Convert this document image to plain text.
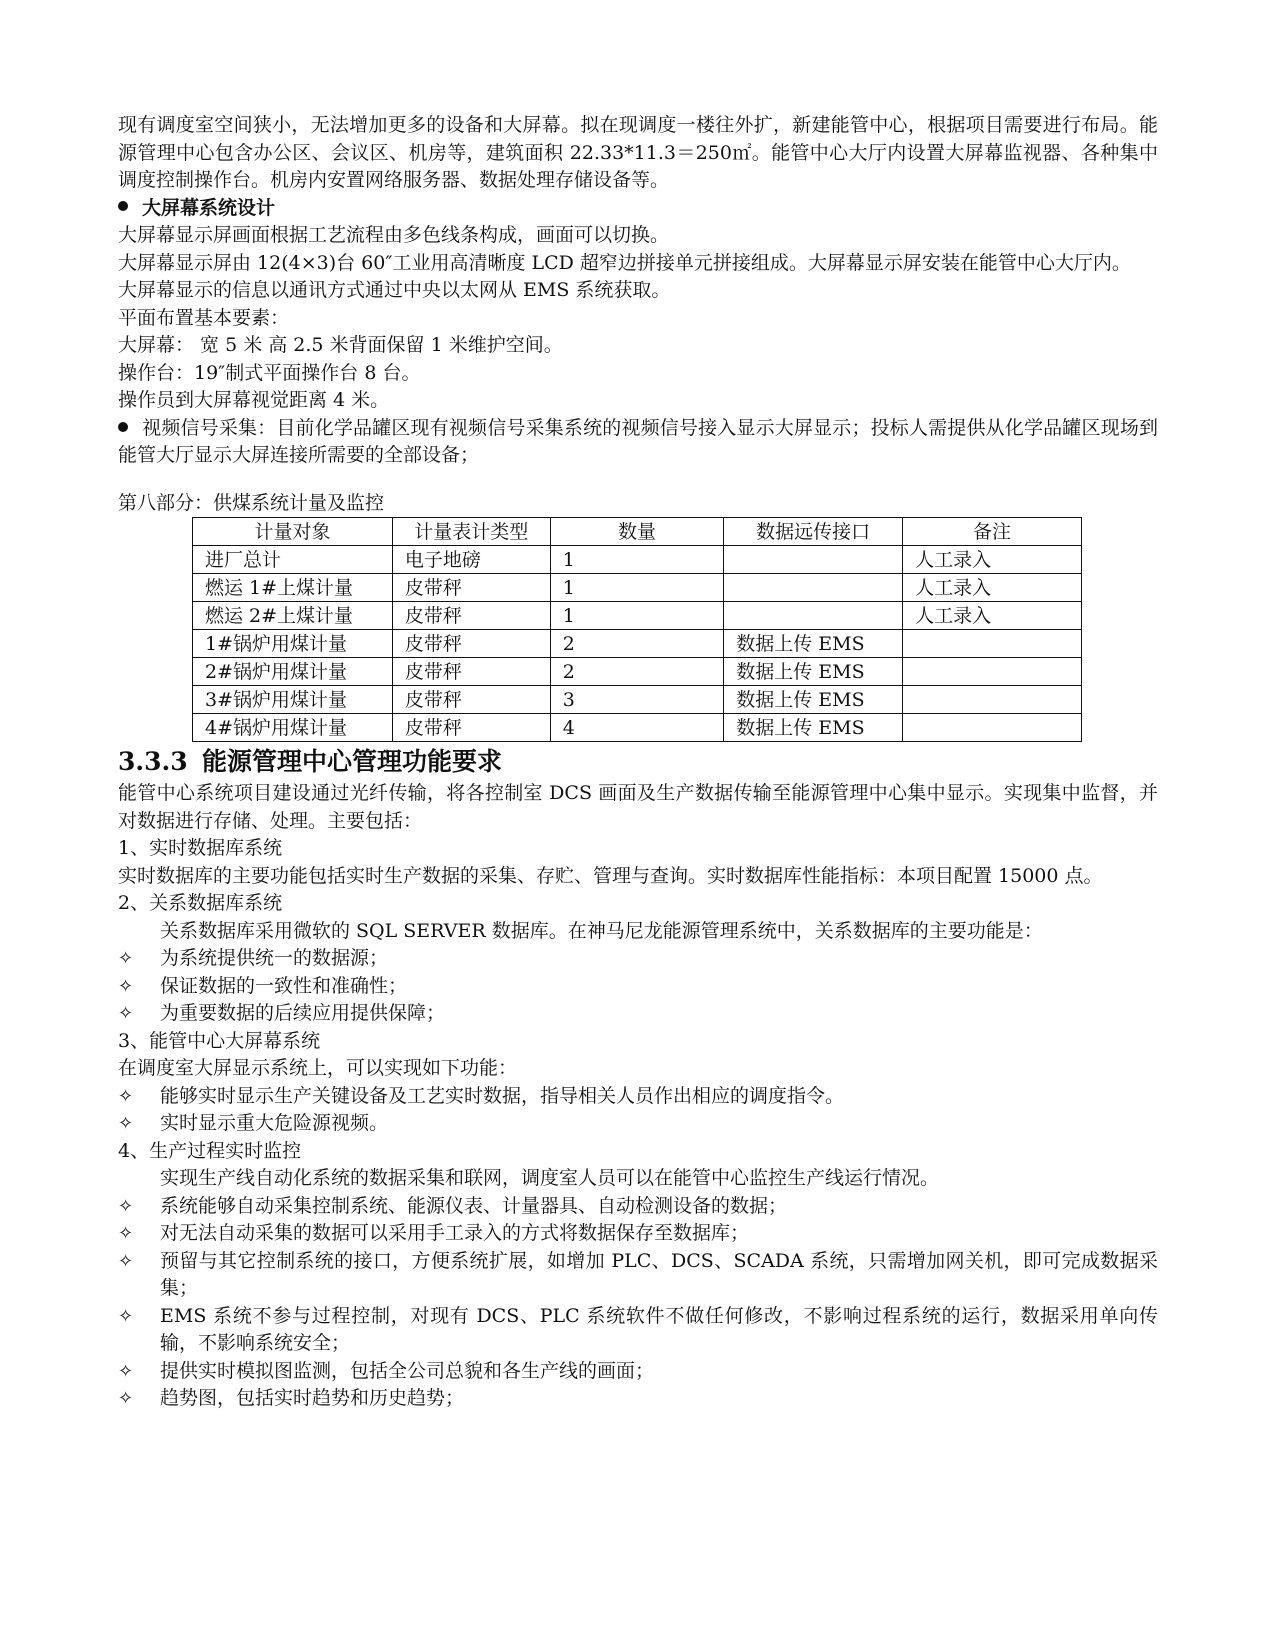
现有调度室空间狭小，无法增加更多的设备和大屏幕。拟在现调度一楼往外扩，新建能管中心，根据项目需要进行布局。能源管理中心包含办公区、会议区、机房等，建筑面积 22.33*11.3＝250㎡。能管中心大厅内设置大屏幕监视器、各种集中调度控制操作台。机房内安置网络服务器、数据处理存储设备等。

大屏幕系统设计

大屏幕显示屏画面根据工艺流程由多色线条构成，画面可以切换。

大屏幕显示屏由 12(4×3)台 60″工业用高清晰度 LCD 超窄边拼接单元拼接组成。大屏幕显示屏安装在能管中心大厅内。

大屏幕显示的信息以通讯方式通过中央以太网从 EMS 系统获取。

平面布置基本要素：

大屏幕： 宽 5 米 高 2.5 米背面保留 1 米维护空间。

操作台：19″制式平面操作台 8 台。

操作员到大屏幕视觉距离 4 米。

视频信号采集：目前化学品罐区现有视频信号采集系统的视频信号接入显示大屏显示；投标人需提供从化学品罐区现场到能管大厅显示大屏连接所需要的全部设备；

第八部分：供煤系统计量及监控

计量对象	计量表计类型	数量	数据远传接口	备注
进厂总计	电子地磅	1		人工录入
燃运 1#上煤计量	皮带秤	1		人工录入
燃运 2#上煤计量	皮带秤	1		人工录入
1#锅炉用煤计量	皮带秤	2	数据上传 EMS	
2#锅炉用煤计量	皮带秤	2	数据上传 EMS	
3#锅炉用煤计量	皮带秤	3	数据上传 EMS	
4#锅炉用煤计量	皮带秤	4	数据上传 EMS	

3.3.3 能源管理中心管理功能要求

能管中心系统项目建设通过光纤传输，将各控制室 DCS 画面及生产数据传输至能源管理中心集中显示。实现集中监督，并对数据进行存储、处理。主要包括：

1、实时数据库系统

实时数据库的主要功能包括实时生产数据的采集、存贮、管理与查询。实时数据库性能指标：本项目配置 15000 点。

2、关系数据库系统

关系数据库采用微软的 SQL SERVER 数据库。在神马尼龙能源管理系统中，关系数据库的主要功能是：

✧	为系统提供统一的数据源；
✧	保证数据的一致性和准确性；
✧	为重要数据的后续应用提供保障；

3、能管中心大屏幕系统

在调度室大屏显示系统上，可以实现如下功能：

✧	能够实时显示生产关键设备及工艺实时数据，指导相关人员作出相应的调度指令。
✧	实时显示重大危险源视频。

4、生产过程实时监控

实现生产线自动化系统的数据采集和联网，调度室人员可以在能管中心监控生产线运行情况。

✧	系统能够自动采集控制系统、能源仪表、计量器具、自动检测设备的数据；
✧	对无法自动采集的数据可以采用手工录入的方式将数据保存至数据库；
✧	预留与其它控制系统的接口，方便系统扩展，如增加 PLC、DCS、SCADA 系统，只需增加网关机，即可完成数据采集；
✧	EMS 系统不参与过程控制，对现有 DCS、PLC 系统软件不做任何修改，不影响过程系统的运行，数据采用单向传输，不影响系统安全；
✧	提供实时模拟图监测，包括全公司总貌和各生产线的画面；
✧	趋势图，包括实时趋势和历史趋势；
